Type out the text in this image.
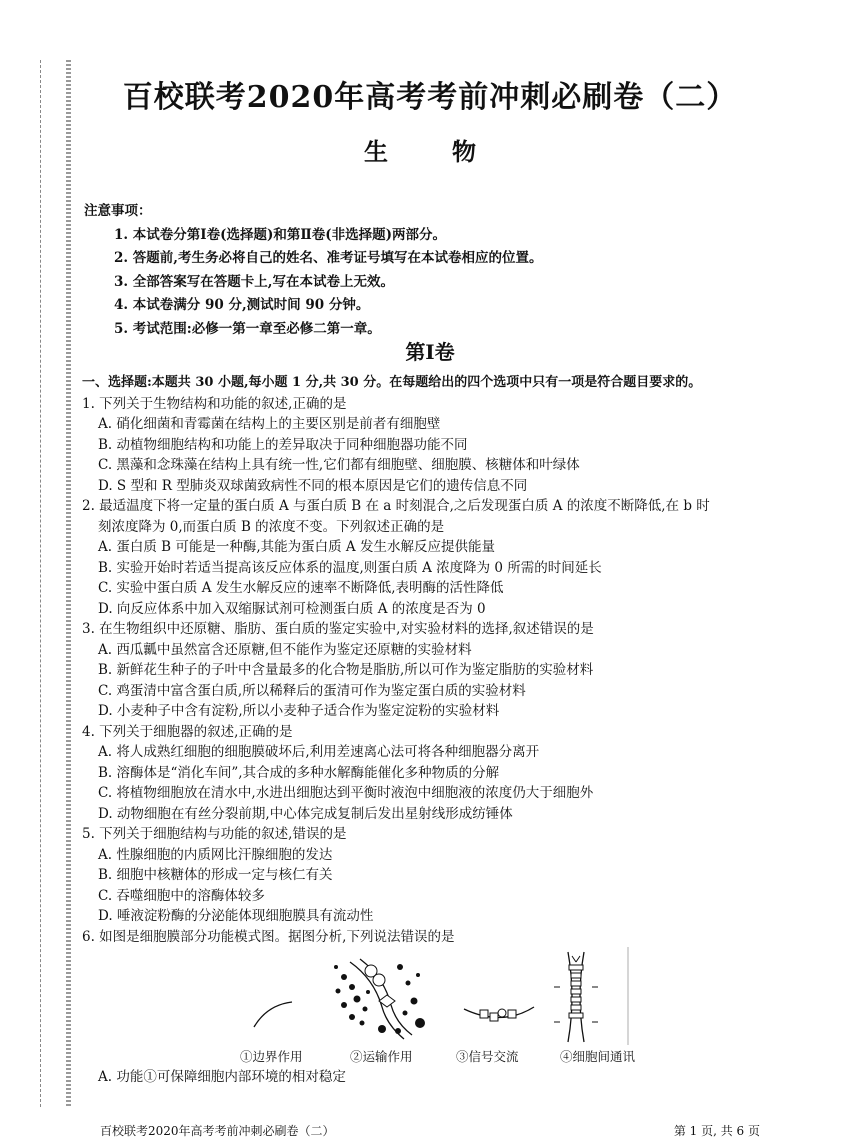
百校联考2020年高考考前冲刺必刷卷（二）
生　物
注意事项：
1. 本试卷分第Ⅰ卷(选择题)和第Ⅱ卷(非选择题)两部分。
2. 答题前,考生务必将自己的姓名、准考证号填写在本试卷相应的位置。
3. 全部答案写在答题卡上,写在本试卷上无效。
4. 本试卷满分 90 分,测试时间 90 分钟。
5. 考试范围:必修一第一章至必修二第一章。
第Ⅰ卷
一、选择题:本题共 30 小题,每小题 1 分,共 30 分。在每题给出的四个选项中只有一项是符合题目要求的。
1. 下列关于生物结构和功能的叙述,正确的是
A. 硝化细菌和青霉菌在结构上的主要区别是前者有细胞壁
B. 动植物细胞结构和功能上的差异取决于同种细胞器功能不同
C. 黑藻和念珠藻在结构上具有统一性,它们都有细胞壁、细胞膜、核糖体和叶绿体
D. S 型和 R 型肺炎双球菌致病性不同的根本原因是它们的遗传信息不同
2. 最适温度下将一定量的蛋白质 A 与蛋白质 B 在 a 时刻混合,之后发现蛋白质 A 的浓度不断降低,在 b 时
刻浓度降为 0,而蛋白质 B 的浓度不变。下列叙述正确的是
A. 蛋白质 B 可能是一种酶,其能为蛋白质 A 发生水解反应提供能量
B. 实验开始时若适当提高该反应体系的温度,则蛋白质 A 浓度降为 0 所需的时间延长
C. 实验中蛋白质 A 发生水解反应的速率不断降低,表明酶的活性降低
D. 向反应体系中加入双缩脲试剂可检测蛋白质 A 的浓度是否为 0
3. 在生物组织中还原糖、脂肪、蛋白质的鉴定实验中,对实验材料的选择,叙述错误的是
A. 西瓜瓤中虽然富含还原糖,但不能作为鉴定还原糖的实验材料
B. 新鲜花生种子的子叶中含量最多的化合物是脂肪,所以可作为鉴定脂肪的实验材料
C. 鸡蛋清中富含蛋白质,所以稀释后的蛋清可作为鉴定蛋白质的实验材料
D. 小麦种子中含有淀粉,所以小麦种子适合作为鉴定淀粉的实验材料
4. 下列关于细胞器的叙述,正确的是
A. 将人成熟红细胞的细胞膜破坏后,利用差速离心法可将各种细胞器分离开
B. 溶酶体是“消化车间”,其合成的多种水解酶能催化多种物质的分解
C. 将植物细胞放在清水中,水进出细胞达到平衡时液泡中细胞液的浓度仍大于细胞外
D. 动物细胞在有丝分裂前期,中心体完成复制后发出星射线形成纺锤体
5. 下列关于细胞结构与功能的叙述,错误的是
A. 性腺细胞的内质网比汗腺细胞的发达
B. 细胞中核糖体的形成一定与核仁有关
C. 吞噬细胞中的溶酶体较多
D. 唾液淀粉酶的分泌能体现细胞膜具有流动性
6. 如图是细胞膜部分功能模式图。据图分析,下列说法错误的是
①边界作用	②运输作用	③信号交流	④细胞间通讯
A. 功能①可保障细胞内部环境的相对稳定
百校联考2020年高考考前冲刺必刷卷（二）	第 1 页, 共 6 页
